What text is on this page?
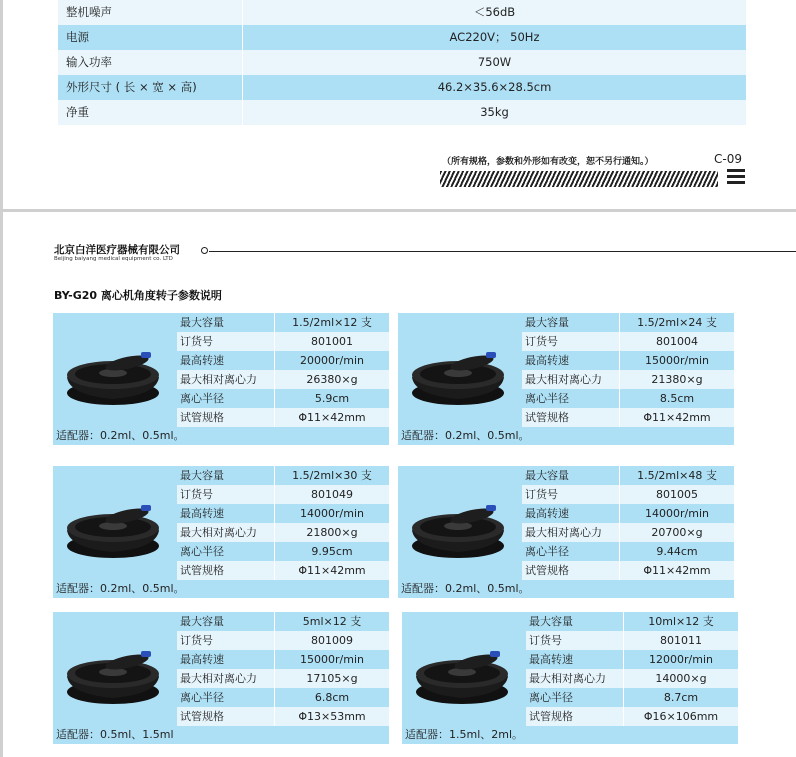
整机噪声	＜56dB
电源	AC220V； 50Hz
输入功率	750W
外形尺寸 ( 长 × 宽 × 高)	46.2×35.6×28.5cm
净重	35kg
（所有规格，参数和外形如有改变，恕不另行通知。）	C-09
北京白洋医疗器械有限公司
Beijing baiyang medical equipment co. LTD
BY-G20 离心机角度转子参数说明
最大容量	1.5/2ml×12 支
订货号	801001
最高转速	20000r/min
最大相对离心力	26380×g
离心半径	5.9cm
试管规格	Φ11×42mm
适配器：0.2ml、0.5ml。
最大容量	1.5/2ml×24 支
订货号	801004
最高转速	15000r/min
最大相对离心力	21380×g
离心半径	8.5cm
试管规格	Φ11×42mm
适配器：0.2ml、0.5ml。
最大容量	1.5/2ml×30 支
订货号	801049
最高转速	14000r/min
最大相对离心力	21800×g
离心半径	9.95cm
试管规格	Φ11×42mm
适配器：0.2ml、0.5ml。
最大容量	1.5/2ml×48 支
订货号	801005
最高转速	14000r/min
最大相对离心力	20700×g
离心半径	9.44cm
试管规格	Φ11×42mm
适配器：0.2ml、0.5ml。
最大容量	5ml×12 支
订货号	801009
最高转速	15000r/min
最大相对离心力	17105×g
离心半径	6.8cm
试管规格	Φ13×53mm
适配器：0.5ml、1.5ml
最大容量	10ml×12 支
订货号	801011
最高转速	12000r/min
最大相对离心力	14000×g
离心半径	8.7cm
试管规格	Φ16×106mm
适配器：1.5ml、2ml。
